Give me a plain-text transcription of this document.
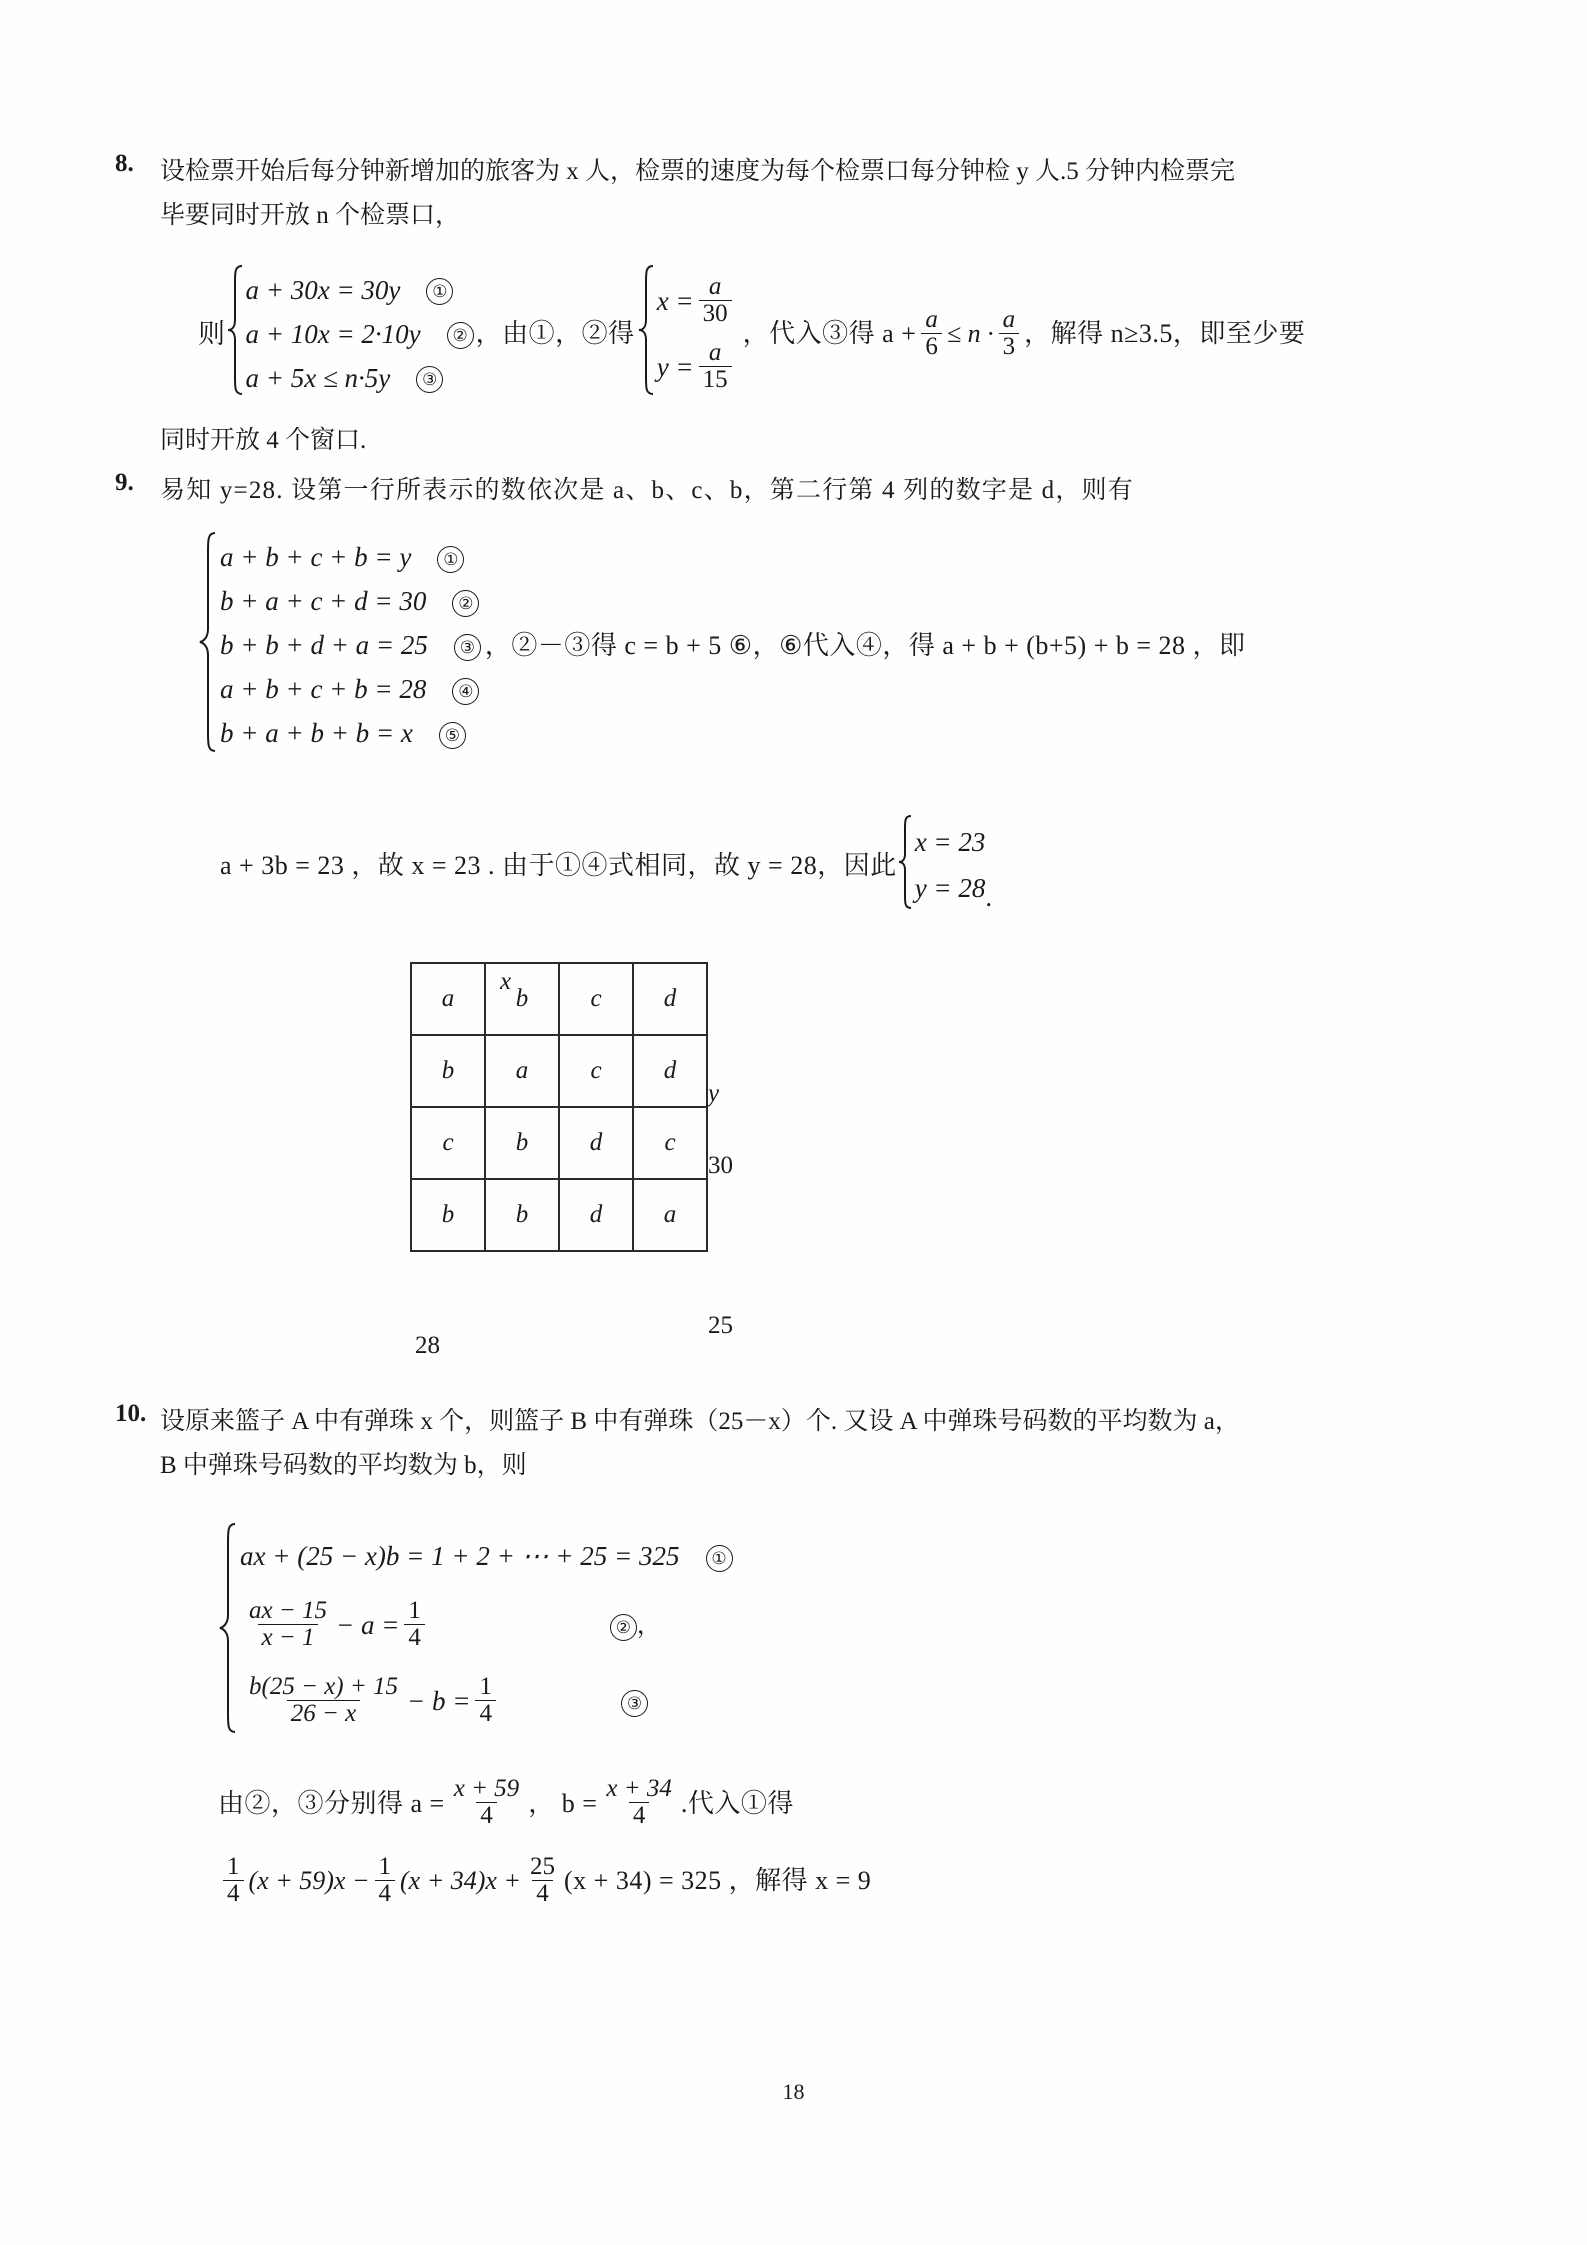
8. 设检票开始后每分钟新增加的旅客为 x 人，检票的速度为每个检票口每分钟检 y 人.5 分钟内检票完
毕要同时开放 n 个检票口，
则
a + 30x = 30y	①
a + 10x = 2·10y	②
a + 5x ≤ n·5y	③
，由①，②得
$x = \frac{a}{30}$
$y = \frac{a}{15}$
，代入③得 $a + \frac{a}{6} \le n \cdot \frac{a}{3}$ ，解得 n≥3.5，即至少要
同时开放 4 个窗口.
9. 易知 y=28. 设第一行所表示的数依次是 a、b、c、b，第二行第 4 列的数字是 d，则有
a + b + c + b = y	①
b + a + c + d = 30	②
b + b + d + a = 25	③
a + b + c + b = 28	④
b + a + b + b = x	⑤
，②－③得 c = b + 5 ⑥，⑥代入④，得 a + b + (b+5) + b = 28 ，即
a + 3b = 23 ，故 x = 23 . 由于①④式相同，故 y = 28，因此
x = 23
y = 28 .
x
a	b	c	d
b	a	c	d
c	b	d	c
b	b	d	a
y
30
25
28
10. 设原来篮子 A 中有弹珠 x 个，则篮子 B 中有弹珠（25－x）个. 又设 A 中弹珠号码数的平均数为 a，
B 中弹珠号码数的平均数为 b，则
ax + (25 − x)b = 1 + 2 + ⋯ + 25 = 325	①
$\frac{ax - 15}{x - 1} - a = \frac{1}{4}$	② ，
$\frac{b(25 - x) + 15}{26 - x} - b = \frac{1}{4}$	③
由②，③分别得 $a = \frac{x + 59}{4}$ ， $b = \frac{x + 34}{4}$ .代入①得
$\frac{1}{4} (x + 59)x - \frac{1}{4} (x + 34)x + \frac{25}{4} (x + 34) = 325$ ，解得 x = 9
18
